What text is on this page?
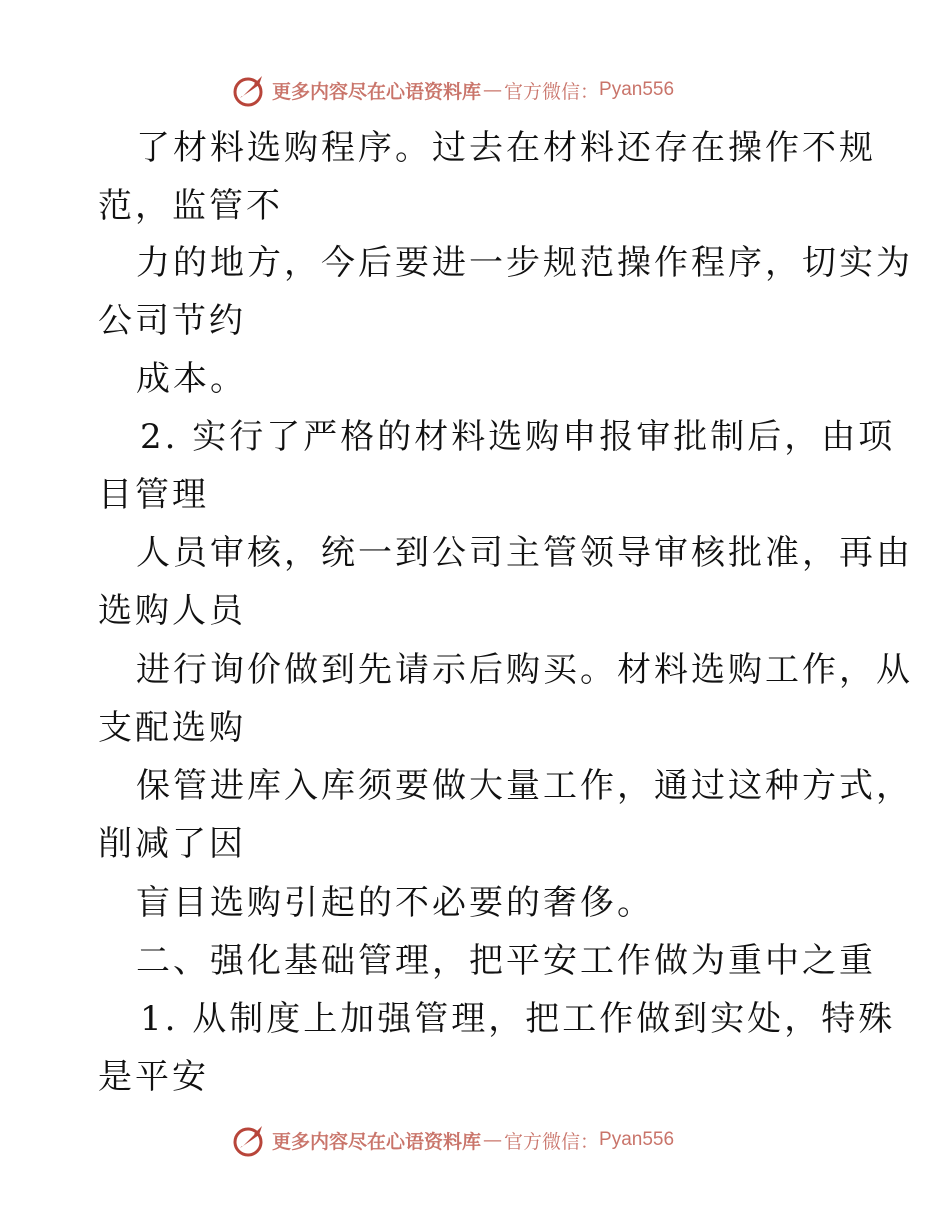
更多内容尽在心语资料库 — 官方微信： Pyan556
了材料选购程序。过去在材料还存在操作不规
范，监管不
力的地方，今后要进一步规范操作程序，切实为
公司节约
成本。
2. 实行了严格的材料选购申报审批制后，由项
目管理
人员审核，统一到公司主管领导审核批准，再由
选购人员
进行询价做到先请示后购买。材料选购工作，从
支配选购
保管进库入库须要做大量工作，通过这种方式，
削减了因
盲目选购引起的不必要的奢侈。
二、强化基础管理，把平安工作做为重中之重
1. 从制度上加强管理，把工作做到实处，特殊
是平安
更多内容尽在心语资料库 — 官方微信： Pyan556
